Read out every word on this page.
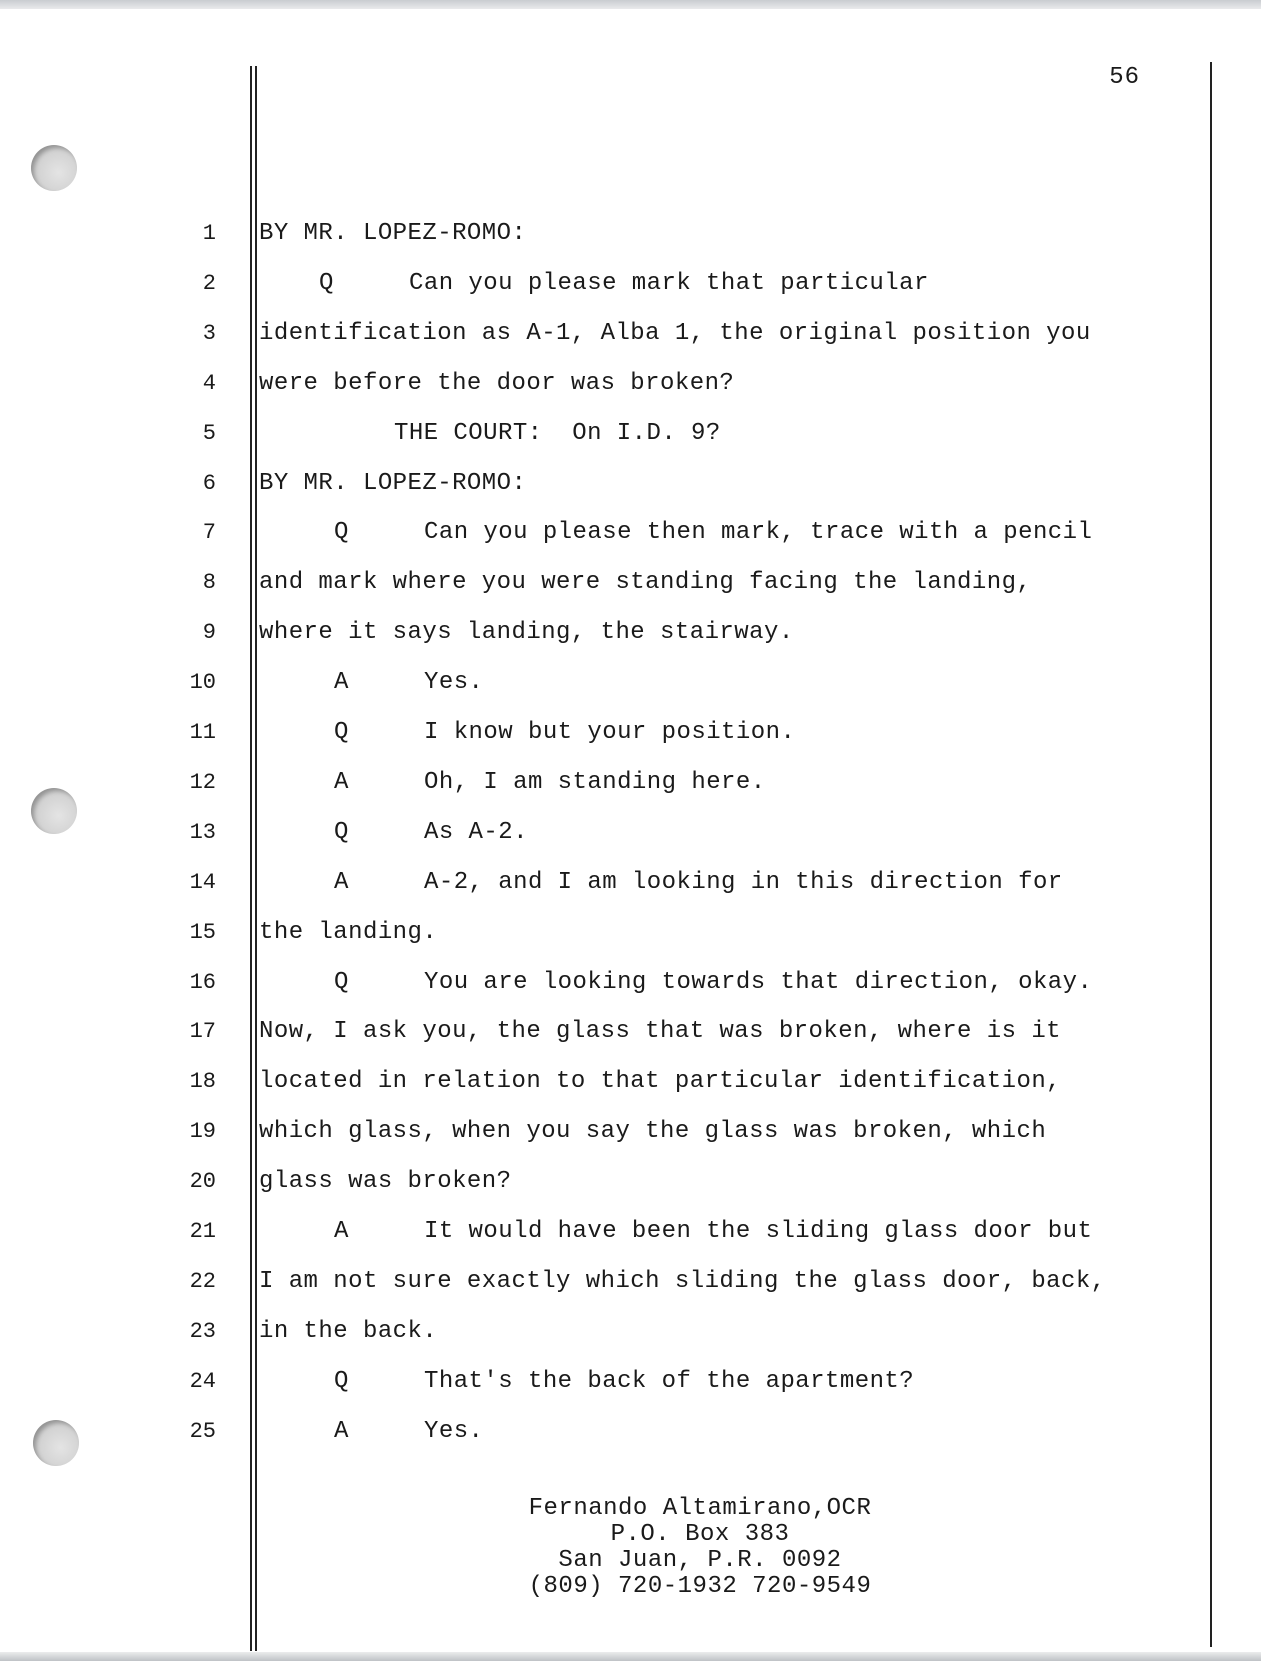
56
1 BY MR. LOPEZ-ROMO:
2	Q	Can you please mark that particular
3 identification as A-1, Alba 1, the original position you
4 were before the door was broken?
5	THE COURT:  On I.D. 9?
6 BY MR. LOPEZ-ROMO:
7	Q	Can you please then mark, trace with a pencil
8 and mark where you were standing facing the landing,
9 where it says landing, the stairway.
10	A	Yes.
11	Q	I know but your position.
12	A	Oh, I am standing here.
13	Q	As A-2.
14	A	A-2, and I am looking in this direction for
15 the landing.
16	Q	You are looking towards that direction, okay.
17 Now, I ask you, the glass that was broken, where is it
18 located in relation to that particular identification,
19 which glass, when you say the glass was broken, which
20 glass was broken?
21	A	It would have been the sliding glass door but
22 I am not sure exactly which sliding the glass door, back,
23 in the back.
24	Q	That's the back of the apartment?
25	A	Yes.
Fernando Altamirano,OCR
P.O. Box 383
San Juan, P.R. 0092
(809) 720-1932 720-9549
